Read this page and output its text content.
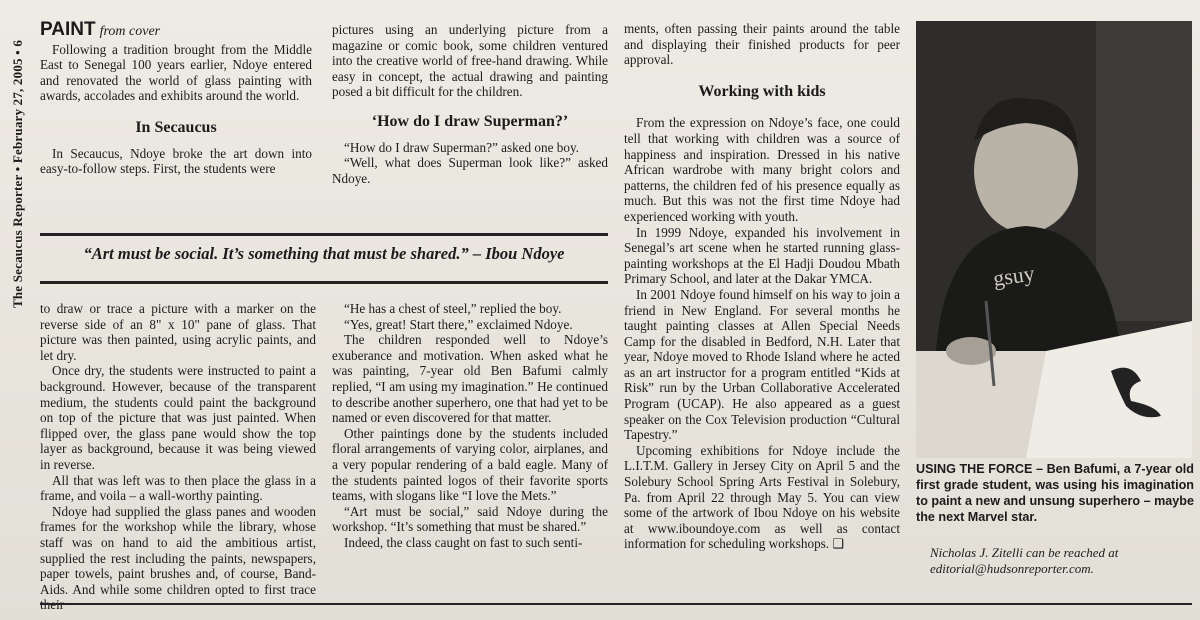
The Secaucus Reporter • February 27, 2005 • 6
PAINT from cover

Following a tradition brought from the Middle East to Senegal 100 years earlier, Ndoye entered and renovated the world of glass painting with awards, accolades and exhibits around the world.

In Secaucus

In Secaucus, Ndoye broke the art down into easy-to-follow steps. First, the students were

pictures using an underlying picture from a magazine or comic book, some children ventured into the creative world of free-hand drawing. While easy in concept, the actual drawing and painting posed a bit difficult for the children.

‘How do I draw Superman?’

“How do I draw Superman?” asked one boy.

“Well, what does Superman look like?” asked Ndoye.

“Art must be social. It’s something that must be shared.” – Ibou Ndoye

to draw or trace a picture with a marker on the reverse side of an 8" x 10" pane of glass. That picture was then painted, using acrylic paints, and let dry.

Once dry, the students were instructed to paint a background. However, because of the transparent medium, the students could paint the background on top of the picture that was just painted. When flipped over, the glass pane would show the top layer as background, because it was being viewed in reverse.

All that was left was to then place the glass in a frame, and voila – a wall-worthy painting.

Ndoye had supplied the glass panes and wooden frames for the workshop while the library, whose staff was on hand to aid the ambitious artist, supplied the rest including the paints, newspapers, paper towels, paint brushes and, of course, Band-Aids. And while some children opted to first trace

“He has a chest of steel,” replied the boy.

“Yes, great! Start there,” exclaimed Ndoye.

The children responded well to Ndoye’s exuberance and motivation. When asked what he was painting, 7-year old Ben Bafumi calmly replied, “I am using my imagination.” He continued to describe another superhero, one that had yet to be named or even discovered for that matter.

Other paintings done by the students included floral arrangements of varying color, airplanes, and a very popular rendering of a bald eagle. Many of the students painted logos of their favorite sports teams, with slogans like “I love the Mets.”

“Art must be social,” said Ndoye during the workshop. “It’s something that must be shared.”

Indeed, the class caught on fast to such senti-

ments, often passing their paints around the table and displaying their finished products for peer approval.

Working with kids

From the expression on Ndoye’s face, one could tell that working with children was a source of happiness and inspiration. Dressed in his native African wardrobe with many bright colors and patterns, the children fed of his presence equally as much. But this was not the first time Ndoye had experienced working with youth.

In 1999 Ndoye, expanded his involvement in Senegal’s art scene when he started running glass-painting workshops at the El Hadji Doudou Mbath Primary School, and later at the Dakar YMCA.

In 2001 Ndoye found himself on his way to join a friend in New England. For several months he taught painting classes at Allen Special Needs Camp for the disabled in Bedford, N.H. Later that year, Ndoye moved to Rhode Island where he acted as an art instructor for a program entitled “Kids at Risk” run by the Urban Collaborative Accelerated Program (UCAP). He also appeared as a guest speaker on the Cox Television production “Cultural Tapestry.”

Upcoming exhibitions for Ndoye include the L.I.T.M. Gallery in Jersey City on April 5 and the Solebury School Spring Arts Festival in Solebury, Pa. from April 22 through May 5. You can view some of the artwork of Ibou Ndoye on his website at www.iboundoye.com as well as contact information for scheduling workshops. ❑

gsuy
USING THE FORCE – Ben Bafumi, a 7-year old first grade student, was using his imagination to paint a new and unsung superhero – maybe the next Marvel star.
Nicholas J. Zitelli can be reached at editorial@hudsonreporter.com.
